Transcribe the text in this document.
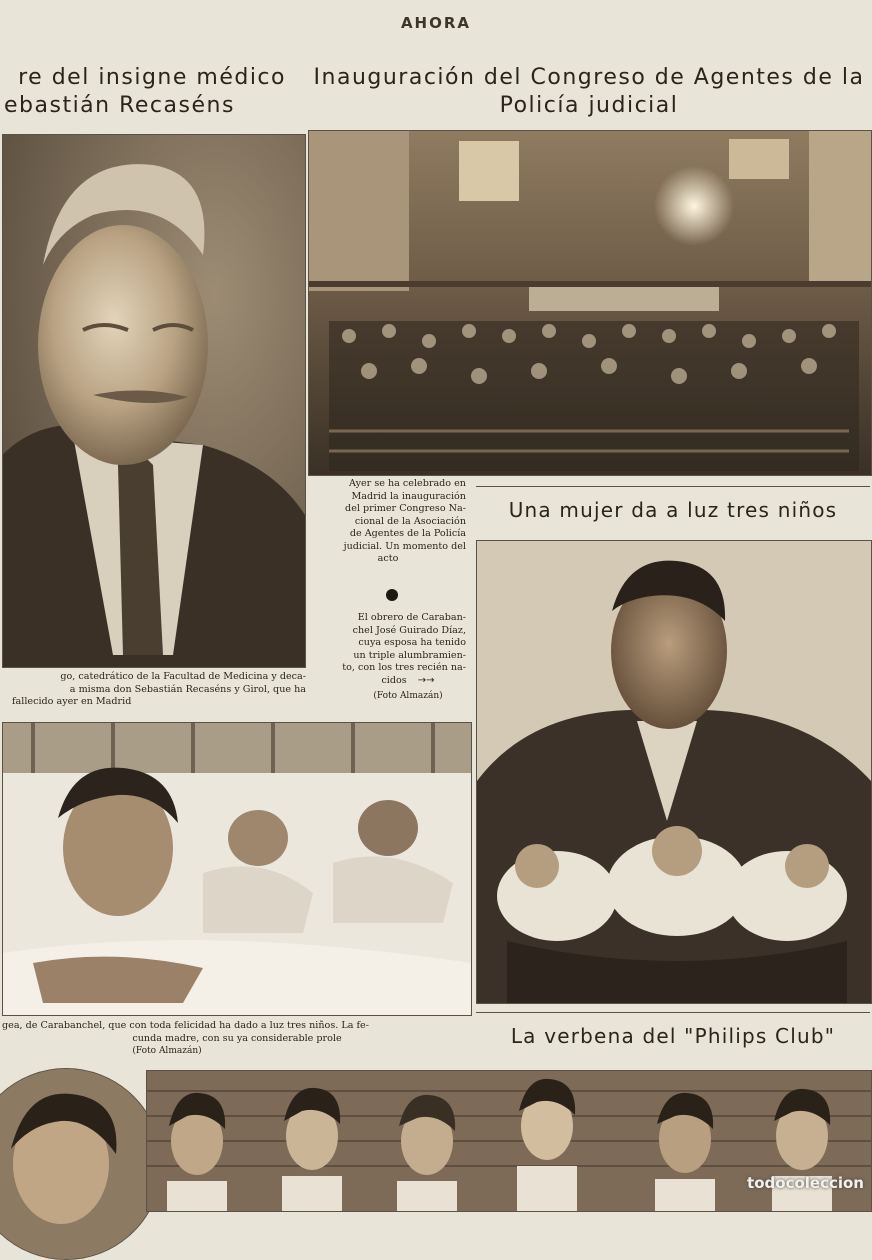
AHORA
re del insigne médico
ebastián Recaséns
Inauguración del Congreso de Agentes de la
Policía judicial
Ayer se ha celebrado en
Madrid la inauguración
del primer Congreso Na-
cional de la Asociación
de Agentes de la Policía
judicial. Un momento del
acto
El obrero de Caraban-
chel José Guirado Díaz,
cuya esposa ha tenido
un triple alumbramien-
to, con los tres recién na-
cidos →→
(Foto Almazán)
go, catedrático de la Facultad de Medicina y deca-
a misma don Sebastián Recaséns y Girol, que ha
fallecido ayer en Madrid
Una mujer da a luz tres niños
gea, de Carabanchel, que con toda felicidad ha dado a luz tres niños. La fe-
cunda madre, con su ya considerable prole
(Foto Almazán)
La verbena del "Philips Club"
todocoleccion
